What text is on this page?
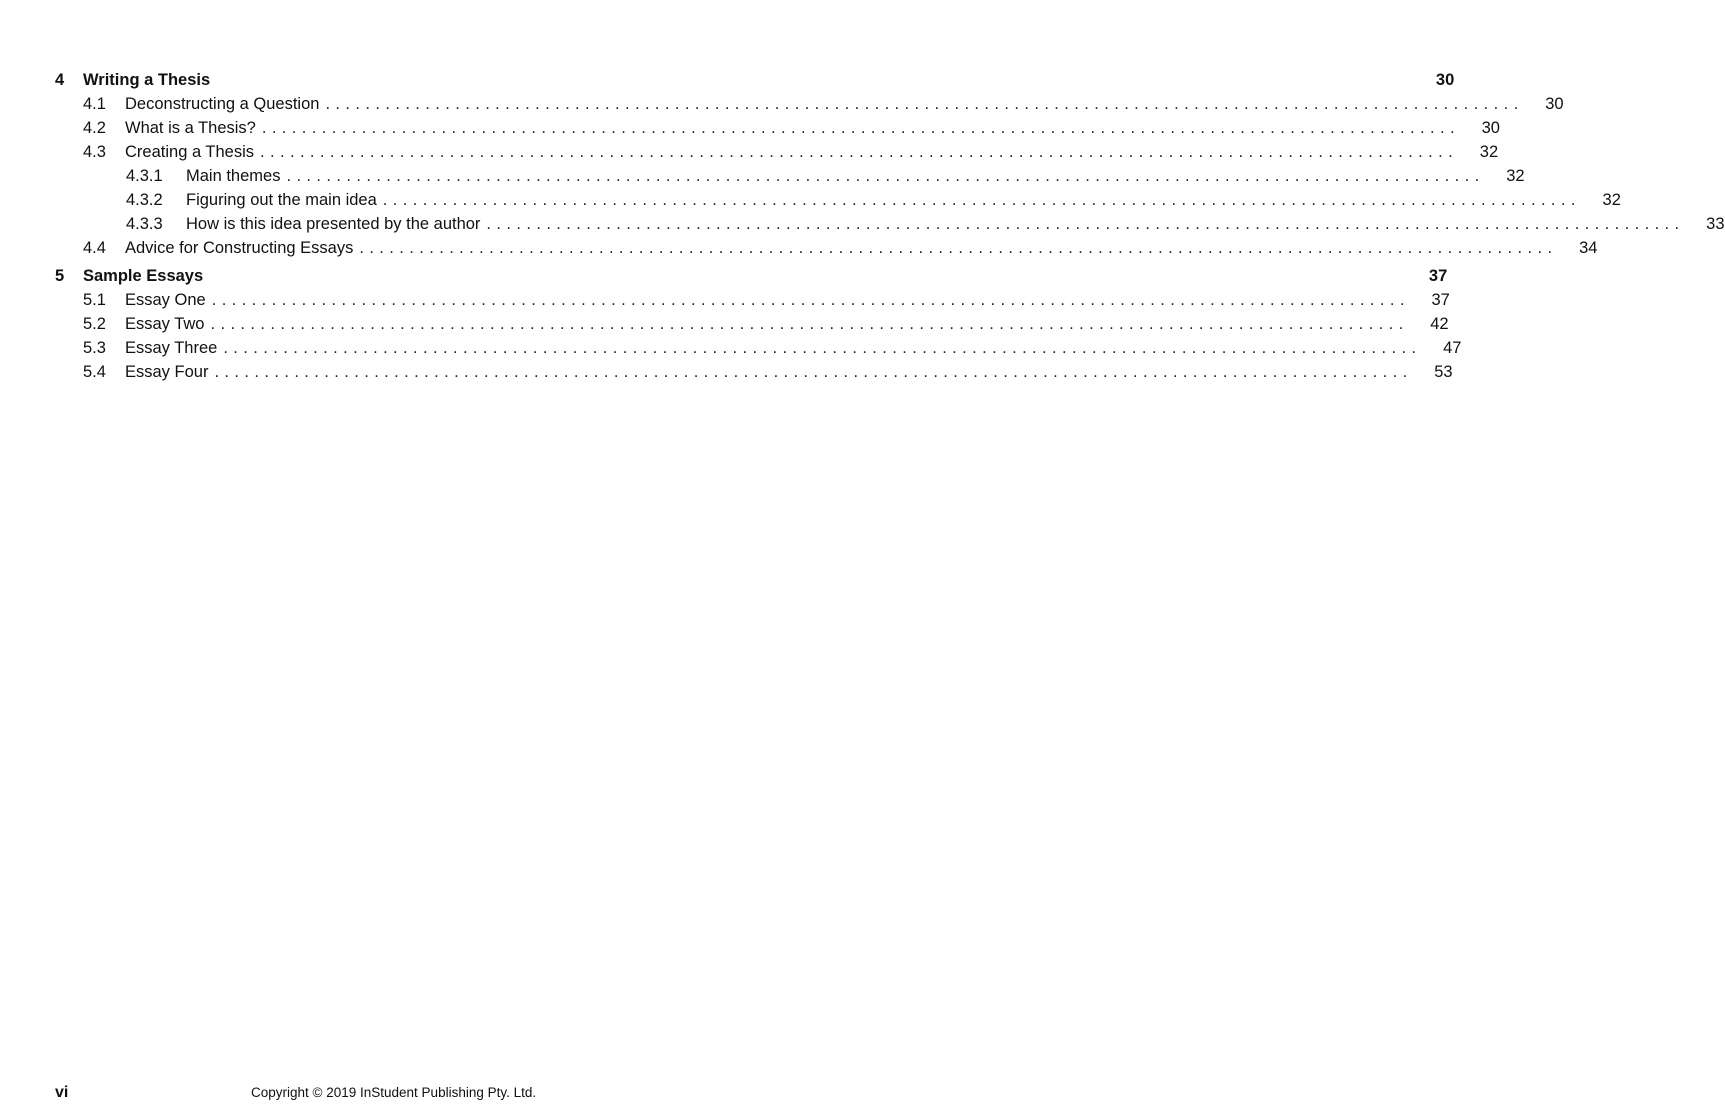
4	Writing a Thesis	30
4.1	Deconstructing a Question ........................................................................................................................	30
4.2	What is a Thesis? ........................................................................................................................	30
4.3	Creating a Thesis ........................................................................................................................	32
4.3.1	Main themes ........................................................................................................................	32
4.3.2	Figuring out the main idea ........................................................................................................................	32
4.3.3	How is this idea presented by the author ........................................................................................................................	33
4.4	Advice for Constructing Essays ........................................................................................................................	34
5	Sample Essays	37
5.1	Essay One ........................................................................................................................	37
5.2	Essay Two ........................................................................................................................	42
5.3	Essay Three ........................................................................................................................	47
5.4	Essay Four ........................................................................................................................	53
vi	Copyright © 2019 InStudent Publishing Pty. Ltd.
